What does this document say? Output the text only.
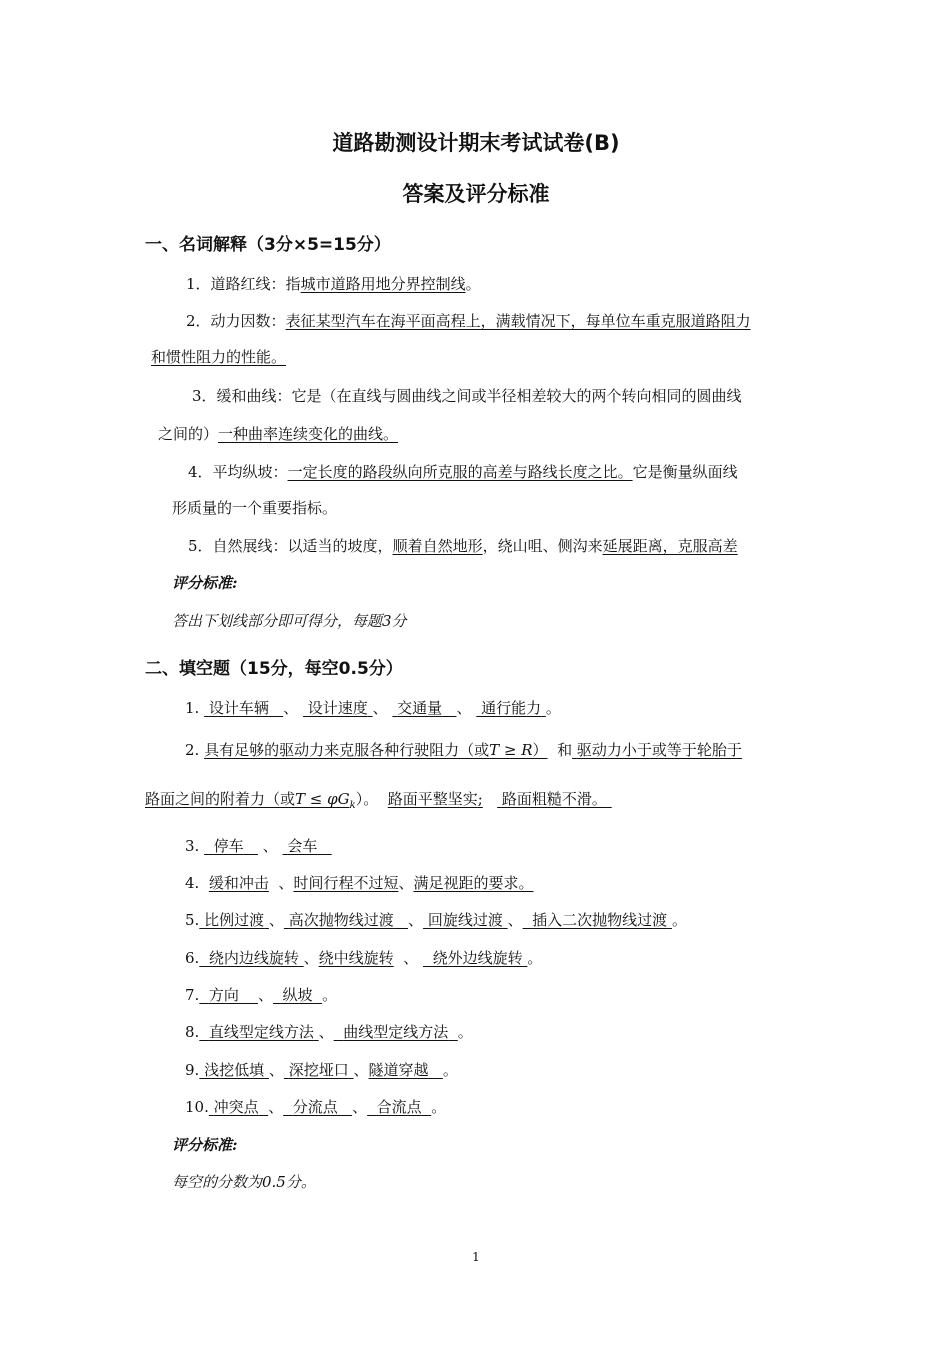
道路勘测设计期末考试试卷(B)
答案及评分标准
一、名词解释（3分×5=15分）
1．道路红线：指城市道路用地分界控制线。
2．动力因数：表征某型汽车在海平面高程上，满载情况下，每单位车重克服道路阻力
和惯性阻力的性能。
3．缓和曲线：它是（在直线与圆曲线之间或半径相差较大的两个转向相同的圆曲线
之间的）一种曲率连续变化的曲线。
4．平均纵坡：一定长度的路段纵向所克服的高差与路线长度之比。它是衡量纵面线
形质量的一个重要指标。
5．自然展线：以适当的坡度，顺着自然地形，绕山咀、侧沟来延展距离，克服高差
评分标准:
答出下划线部分即可得分，每题3分
二、填空题（15分，每空0.5分）
1. 设计车辆 、 设计速度 、 交通量 、 通行能力 。
2. 具有足够的驱动力来克服各种行驶阻力（或T ≥ R） 和 驱动力小于或等于轮胎于
路面之间的附着力（或$T \le \varphi G_k$）。 路面平整坚实; 路面粗糙不滑。
3. 停车 、 会车
4. 缓和冲击 、时间行程不过短、满足视距的要求。
5. 比例过渡 、 高次抛物线过渡 、 回旋线过渡 、 插入二次抛物线过渡 。
6. 绕内边线旋转 、绕中线旋转 、 绕外边线旋转 。
7. 方向 、 纵坡 。
8. 直线型定线方法 、 曲线型定线方法 。
9. 浅挖低填 、 深挖垭口 、隧道穿越 。
10. 冲突点 、 分流点 、 合流点 。
评分标准:
每空的分数为0.5分。
1
